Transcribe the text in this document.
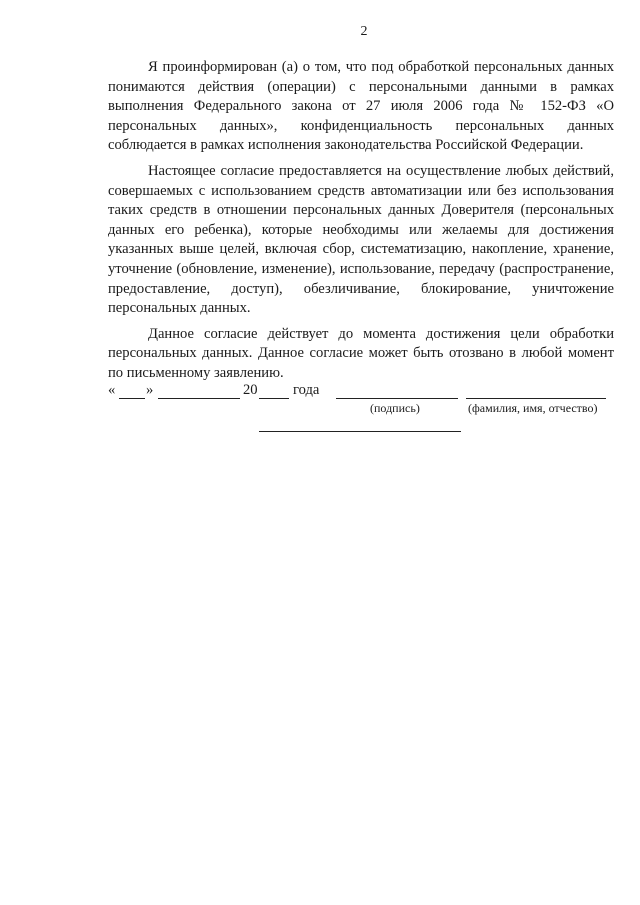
2

Я проинформирован (а) о том, что под обработкой персональных данных понимаются действия (операции) с персональными данными в рамках выполнения Федерального закона от 27 июля 2006 года № 152-ФЗ «О персональных данных», конфиденциальность персональных данных соблюдается в рамках исполнения законодательства Российской Федерации.

Настоящее согласие предоставляется на осуществление любых действий, совершаемых с использованием средств автоматизации или без использования таких средств в отношении персональных данных Доверителя (персональных данных его ребенка), которые необходимы или желаемы для достижения указанных выше целей, включая сбор, систематизацию, накопление, хранение, уточнение (обновление, изменение), использование, передачу (распространение, предоставление, доступ), обезличивание, блокирование, уничтожение персональных данных.

Данное согласие действует до момента достижения цели обработки персональных данных. Данное согласие может быть отозвано в любой момент по письменному заявлению.

« »	20 года
(подпись)	(фамилия, имя, отчество)
